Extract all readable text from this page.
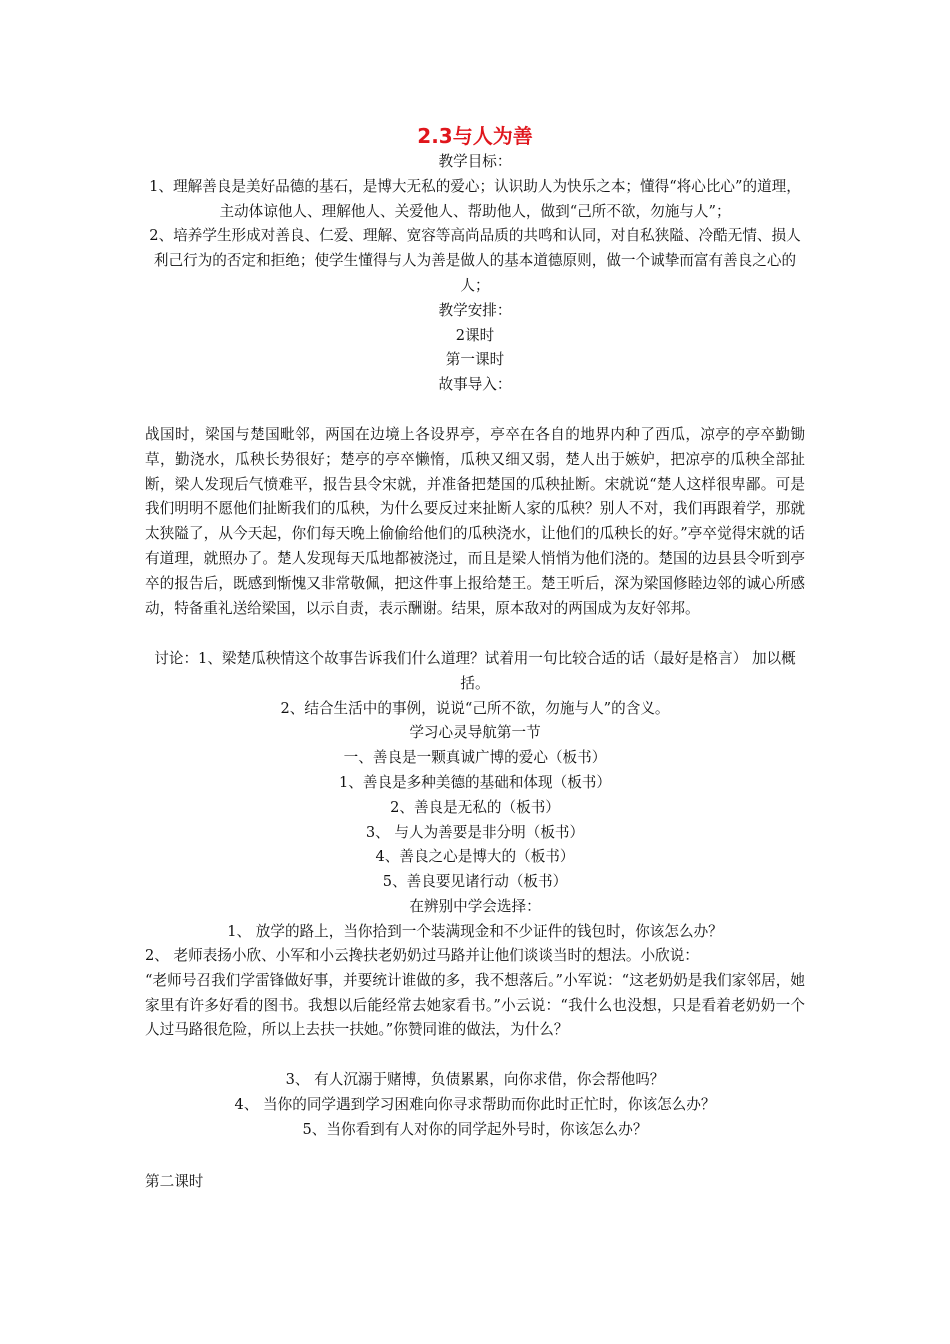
2.3与人为善

教学目标：

1、理解善良是美好品德的基石，是博大无私的爱心；认识助人为快乐之本；懂得“将心比心”的道理，主动体谅他人、理解他人、关爱他人、帮助他人，做到“己所不欲，勿施与人”；

2、培养学生形成对善良、仁爱、理解、宽容等高尚品质的共鸣和认同，对自私狭隘、冷酷无情、损人利己行为的否定和拒绝；使学生懂得与人为善是做人的基本道德原则，做一个诚挚而富有善良之心的人；

教学安排：

2课时

第一课时

故事导入：

战国时，梁国与楚国毗邻，两国在边境上各设界亭，亭卒在各自的地界内种了西瓜，凉亭的亭卒勤锄草，勤浇水，瓜秧长势很好；楚亭的亭卒懒惰，瓜秧又细又弱，楚人出于嫉妒，把凉亭的瓜秧全部扯断，梁人发现后气愤难平，报告县令宋就，并准备把楚国的瓜秧扯断。宋就说“楚人这样很卑鄙。可是我们明明不愿他们扯断我们的瓜秧，为什么要反过来扯断人家的瓜秧？别人不对，我们再跟着学，那就太狭隘了，从今天起，你们每天晚上偷偷给他们的瓜秧浇水，让他们的瓜秧长的好。”亭卒觉得宋就的话有道理，就照办了。楚人发现每天瓜地都被浇过，而且是梁人悄悄为他们浇的。楚国的边县县令听到亭卒的报告后，既感到惭愧又非常敬佩，把这件事上报给楚王。楚王听后，深为梁国修睦边邻的诚心所感动，特备重礼送给梁国，以示自责，表示酬谢。结果，原本敌对的两国成为友好邻邦。

讨论：1、梁楚瓜秧情这个故事告诉我们什么道理？试着用一句比较合适的话（最好是格言） 加以概括。

2、结合生活中的事例，说说“己所不欲，勿施与人”的含义。

学习心灵导航第一节

一、善良是一颗真诚广博的爱心（板书）

1、善良是多种美德的基础和体现（板书）

2、善良是无私的（板书）

3、 与人为善要是非分明（板书）

4、善良之心是博大的（板书）

5、善良要见诸行动（板书）

在辨别中学会选择：

1、 放学的路上，当你拾到一个装满现金和不少证件的钱包时，你该怎么办？

2、 老师表扬小欣、小军和小云搀扶老奶奶过马路并让他们谈谈当时的想法。小欣说：

“老师号召我们学雷锋做好事，并要统计谁做的多，我不想落后。”小军说：“这老奶奶是我们家邻居，她家里有许多好看的图书。我想以后能经常去她家看书。”小云说：“我什么也没想，只是看着老奶奶一个人过马路很危险，所以上去扶一扶她。”你赞同谁的做法，为什么？

3、 有人沉溺于赌博，负债累累，向你求借，你会帮他吗？

4、 当你的同学遇到学习困难向你寻求帮助而你此时正忙时，你该怎么办？

5、当你看到有人对你的同学起外号时，你该怎么办？

第二课时
